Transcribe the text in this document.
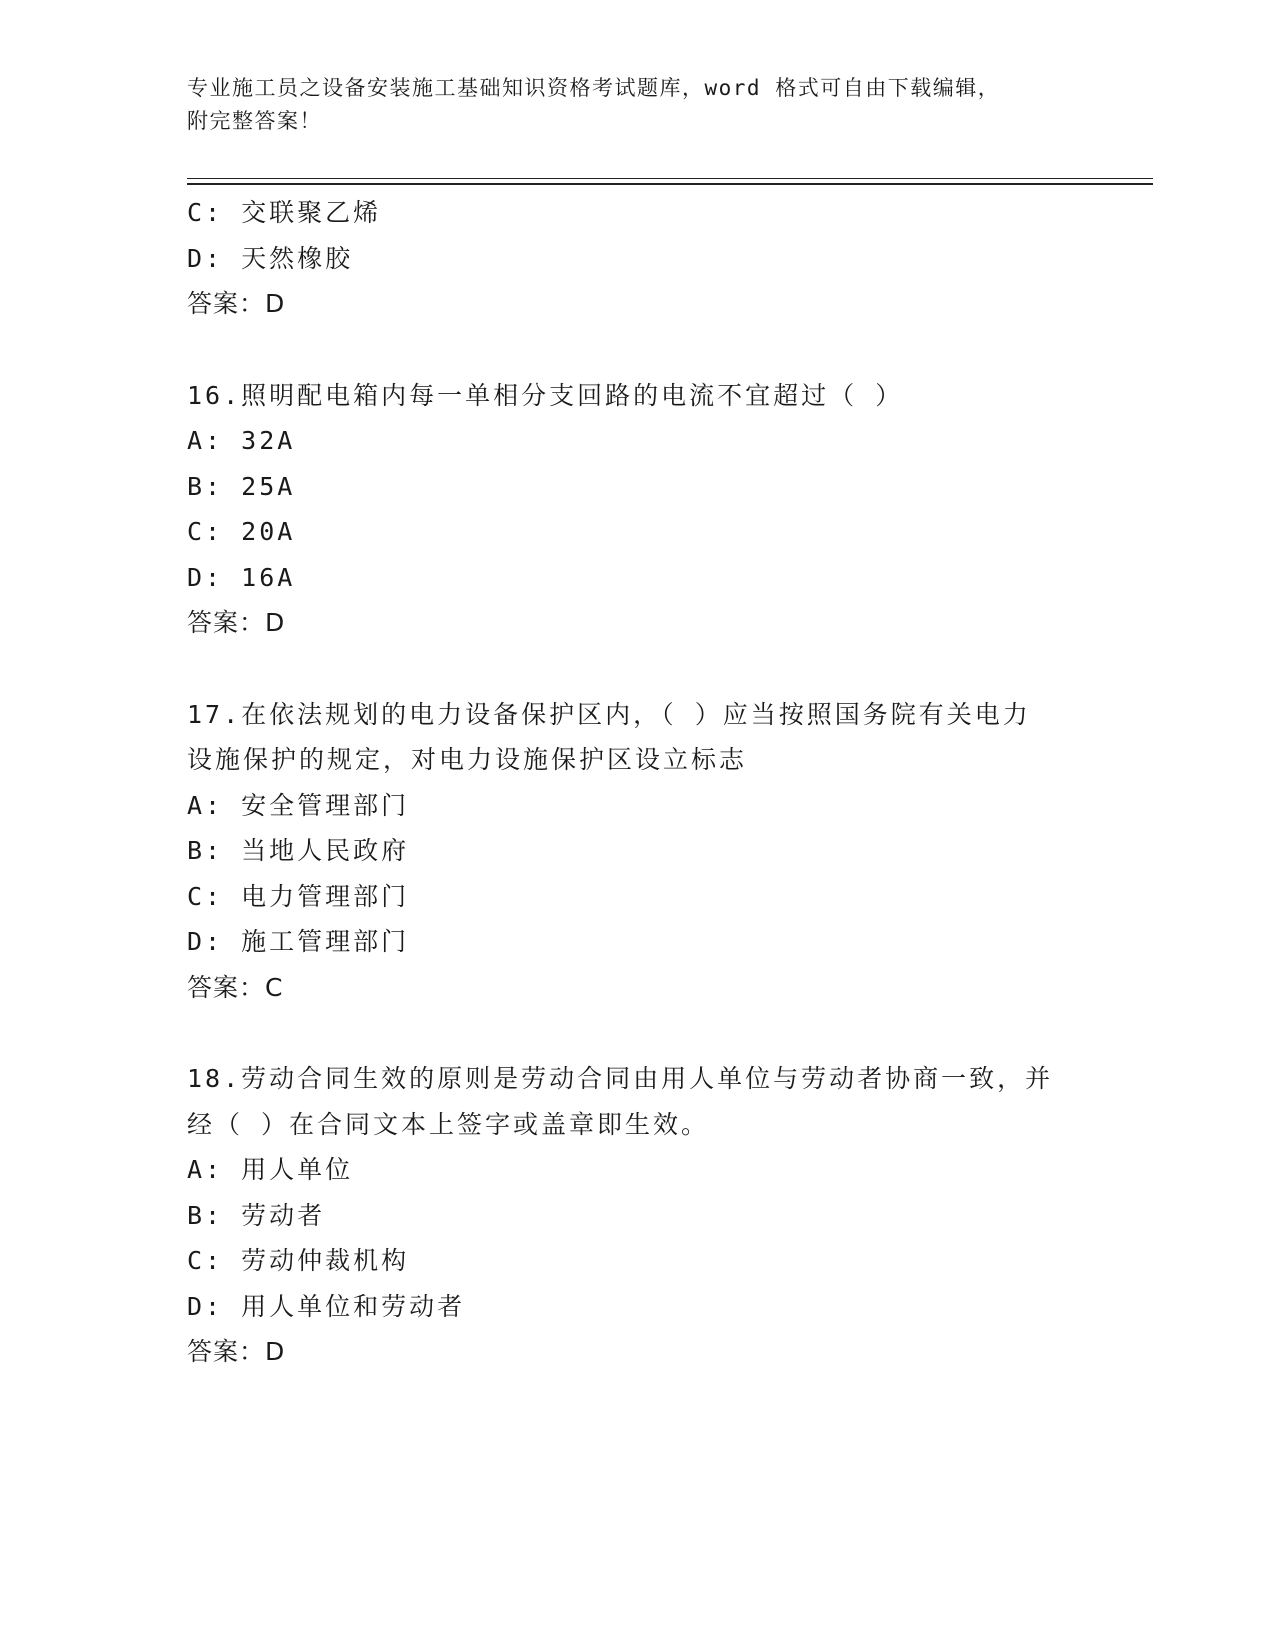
专业施工员之设备安装施工基础知识资格考试题库，word 格式可自由下载编辑，
附完整答案！
C: 交联聚乙烯
D: 天然橡胶
答案：D
16.照明配电箱内每一单相分支回路的电流不宜超过（ ）
A: 32A
B: 25A
C: 20A
D: 16A
答案：D
17.在依法规划的电力设备保护区内，（ ）应当按照国务院有关电力
设施保护的规定，对电力设施保护区设立标志
A: 安全管理部门
B: 当地人民政府
C: 电力管理部门
D: 施工管理部门
答案：C
18.劳动合同生效的原则是劳动合同由用人单位与劳动者协商一致，并
经（ ）在合同文本上签字或盖章即生效。
A: 用人单位
B: 劳动者
C: 劳动仲裁机构
D: 用人单位和劳动者
答案：D
